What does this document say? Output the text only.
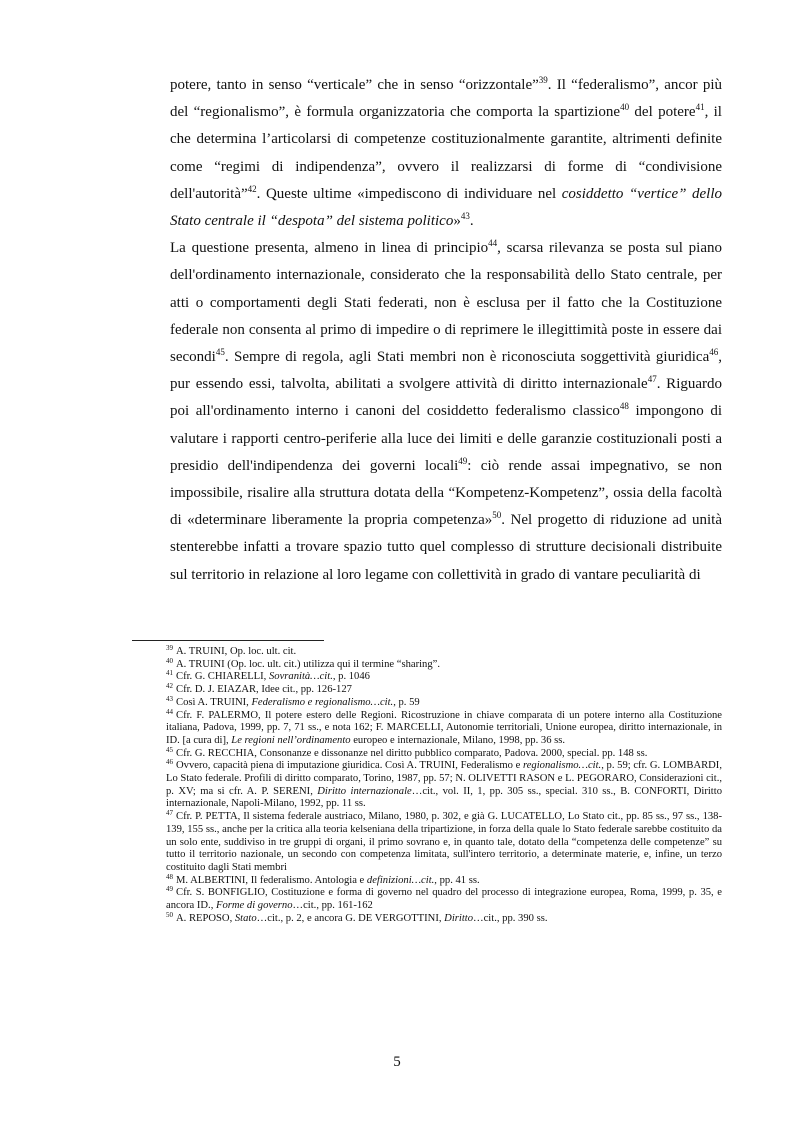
potere, tanto in senso “verticale” che in senso “orizzontale”$^{39}$. Il “federalismo”, ancor più del “regionalismo”, è formula organizzatoria che comporta la spartizione$^{40}$ del potere$^{41}$, il che determina l’articolarsi di competenze costituzionalmente garantite, altrimenti definite come “regimi di indipendenza”, ovvero il realizzarsi di forme di “condivisione dell'autorità”$^{42}$. Queste ultime «impediscono di individuare nel cosiddetto “vertice” dello Stato centrale il “despota” del sistema politico»$^{43}$.

La questione presenta, almeno in linea di principio$^{44}$, scarsa rilevanza se posta sul piano dell'ordinamento internazionale, considerato che la responsabilità dello Stato centrale, per atti o comportamenti degli Stati federati, non è esclusa per il fatto che la Costituzione federale non consenta al primo di impedire o di reprimere le illegittimità poste in essere dai secondi$^{45}$. Sempre di regola, agli Stati membri non è riconosciuta soggettività giuridica$^{46}$, pur essendo essi, talvolta, abilitati a svolgere attività di diritto internazionale$^{47}$. Riguardo poi all'ordinamento interno i canoni del cosiddetto federalismo classico$^{48}$ impongono di valutare i rapporti centro-periferie alla luce dei limiti e delle garanzie costituzionali posti a presidio dell'indipendenza dei governi locali$^{49}$: ciò rende assai impegnativo, se non impossibile, risalire alla struttura dotata della “Kompetenz-Kompetenz”, ossia della facoltà di «determinare liberamente la propria competenza»$^{50}$. Nel progetto di riduzione ad unità stenterebbe infatti a trovare spazio tutto quel complesso di strutture decisionali distribuite sul territorio in relazione al loro legame con collettività in grado di vantare peculiarità di

$^{39}$ A. TRUINI, Op. loc. ult. cit.

$^{40}$ A. TRUINI (Op. loc. ult. cit.) utilizza qui il termine “sharing”.

$^{41}$ Cfr. G. CHIARELLI, Sovranità…cit., p. 1046

$^{42}$ Cfr. D. J. EIAZAR, Idee cit., pp. 126-127

$^{43}$ Così A. TRUINI, Federalismo e regionalismo…cit., p. 59

$^{44}$ Cfr. F. PALERMO, Il potere estero delle Regioni. Ricostruzione in chiave comparata di un potere interno alla Costituzione italiana, Padova, 1999, pp. 7, 71 ss., e nota 162; F. MARCELLI, Autonomie territoriali, Unione europea, diritto internazionale, in ID. [a cura di], Le regioni nell’ordinamento europeo e internazionale, Milano, 1998, pp. 36 ss.

$^{45}$ Cfr. G. RECCHIA, Consonanze e dissonanze nel diritto pubblico comparato, Padova. 2000, special. pp. 148 ss.

$^{46}$ Ovvero, capacità piena di imputazione giuridica. Così A. TRUINI, Federalismo e regionalismo…cit., p. 59; cfr. G. LOMBARDI, Lo Stato federale. Profili di diritto comparato, Torino, 1987, pp. 57; N. OLIVETTI RASON e L. PEGORARO, Considerazioni cit., p. XV; ma si cfr. A. P. SERENI, Diritto internazionale…cit., vol. II, 1, pp. 305 ss., special. 310 ss., B. CONFORTI, Diritto internazionale, Napoli-Milano, 1992, pp. 11 ss.

$^{47}$ Cfr. P. PETTA, Il sistema federale austriaco, Milano, 1980, p. 302, e già G. LUCATELLO, Lo Stato cit., pp. 85 ss., 97 ss., 138-139, 155 ss., anche per la critica alla teoria kelseniana della tripartizione, in forza della quale lo Stato federale sarebbe costituito da un solo ente, suddiviso in tre gruppi di organi, il primo sovrano e, in quanto tale, dotato della “competenza delle competenze” su tutto il territorio nazionale, un secondo con competenza limitata, sull'intero territorio, a determinate materie, e, infine, un terzo costituito dagli Stati membri

$^{48}$ M. ALBERTINI, Il federalismo. Antologia e definizioni…cit., pp. 41 ss.

$^{49}$ Cfr. S. BONFIGLIO, Costituzione e forma di governo nel quadro del processo di integrazione europea, Roma, 1999, p. 35, e ancora ID., Forme di governo…cit., pp. 161-162

$^{50}$ A. REPOSO, Stato…cit., p. 2, e ancora G. DE VERGOTTINI, Diritto…cit., pp. 390 ss.

5
